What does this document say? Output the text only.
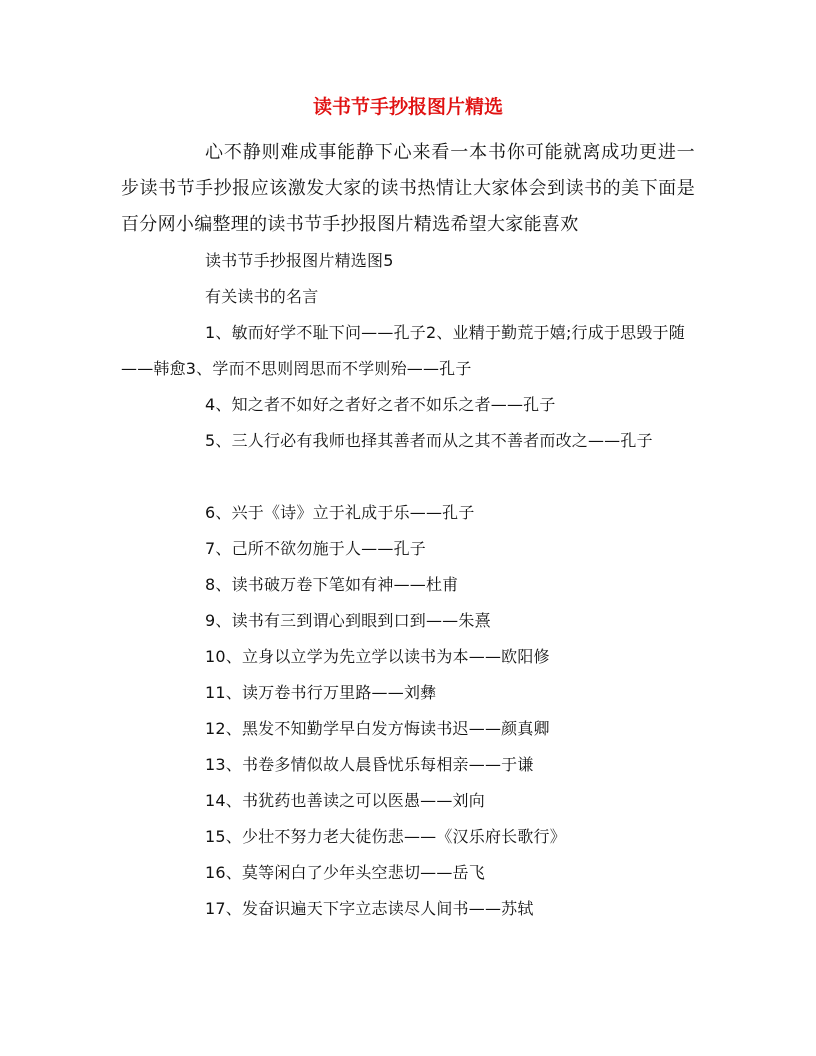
读书节手抄报图片精选
心不静则难成事能静下心来看一本书你可能就离成功更进一步读书节手抄报应该激发大家的读书热情让大家体会到读书的美下面是百分网小编整理的读书节手抄报图片精选希望大家能喜欢
读书节手抄报图片精选图5
有关读书的名言
1、敏而好学不耻下问——孔子2、业精于勤荒于嬉;行成于思毁于随——韩愈3、学而不思则罔思而不学则殆——孔子
4、知之者不如好之者好之者不如乐之者——孔子
5、三人行必有我师也择其善者而从之其不善者而改之——孔子
6、兴于《诗》立于礼成于乐——孔子
7、己所不欲勿施于人——孔子
8、读书破万卷下笔如有神——杜甫
9、读书有三到谓心到眼到口到——朱熹
10、立身以立学为先立学以读书为本——欧阳修
11、读万卷书行万里路——刘彝
12、黑发不知勤学早白发方悔读书迟——颜真卿
13、书卷多情似故人晨昏忧乐每相亲——于谦
14、书犹药也善读之可以医愚——刘向
15、少壮不努力老大徒伤悲——《汉乐府长歌行》
16、莫等闲白了少年头空悲切——岳飞
17、发奋识遍天下字立志读尽人间书——苏轼
